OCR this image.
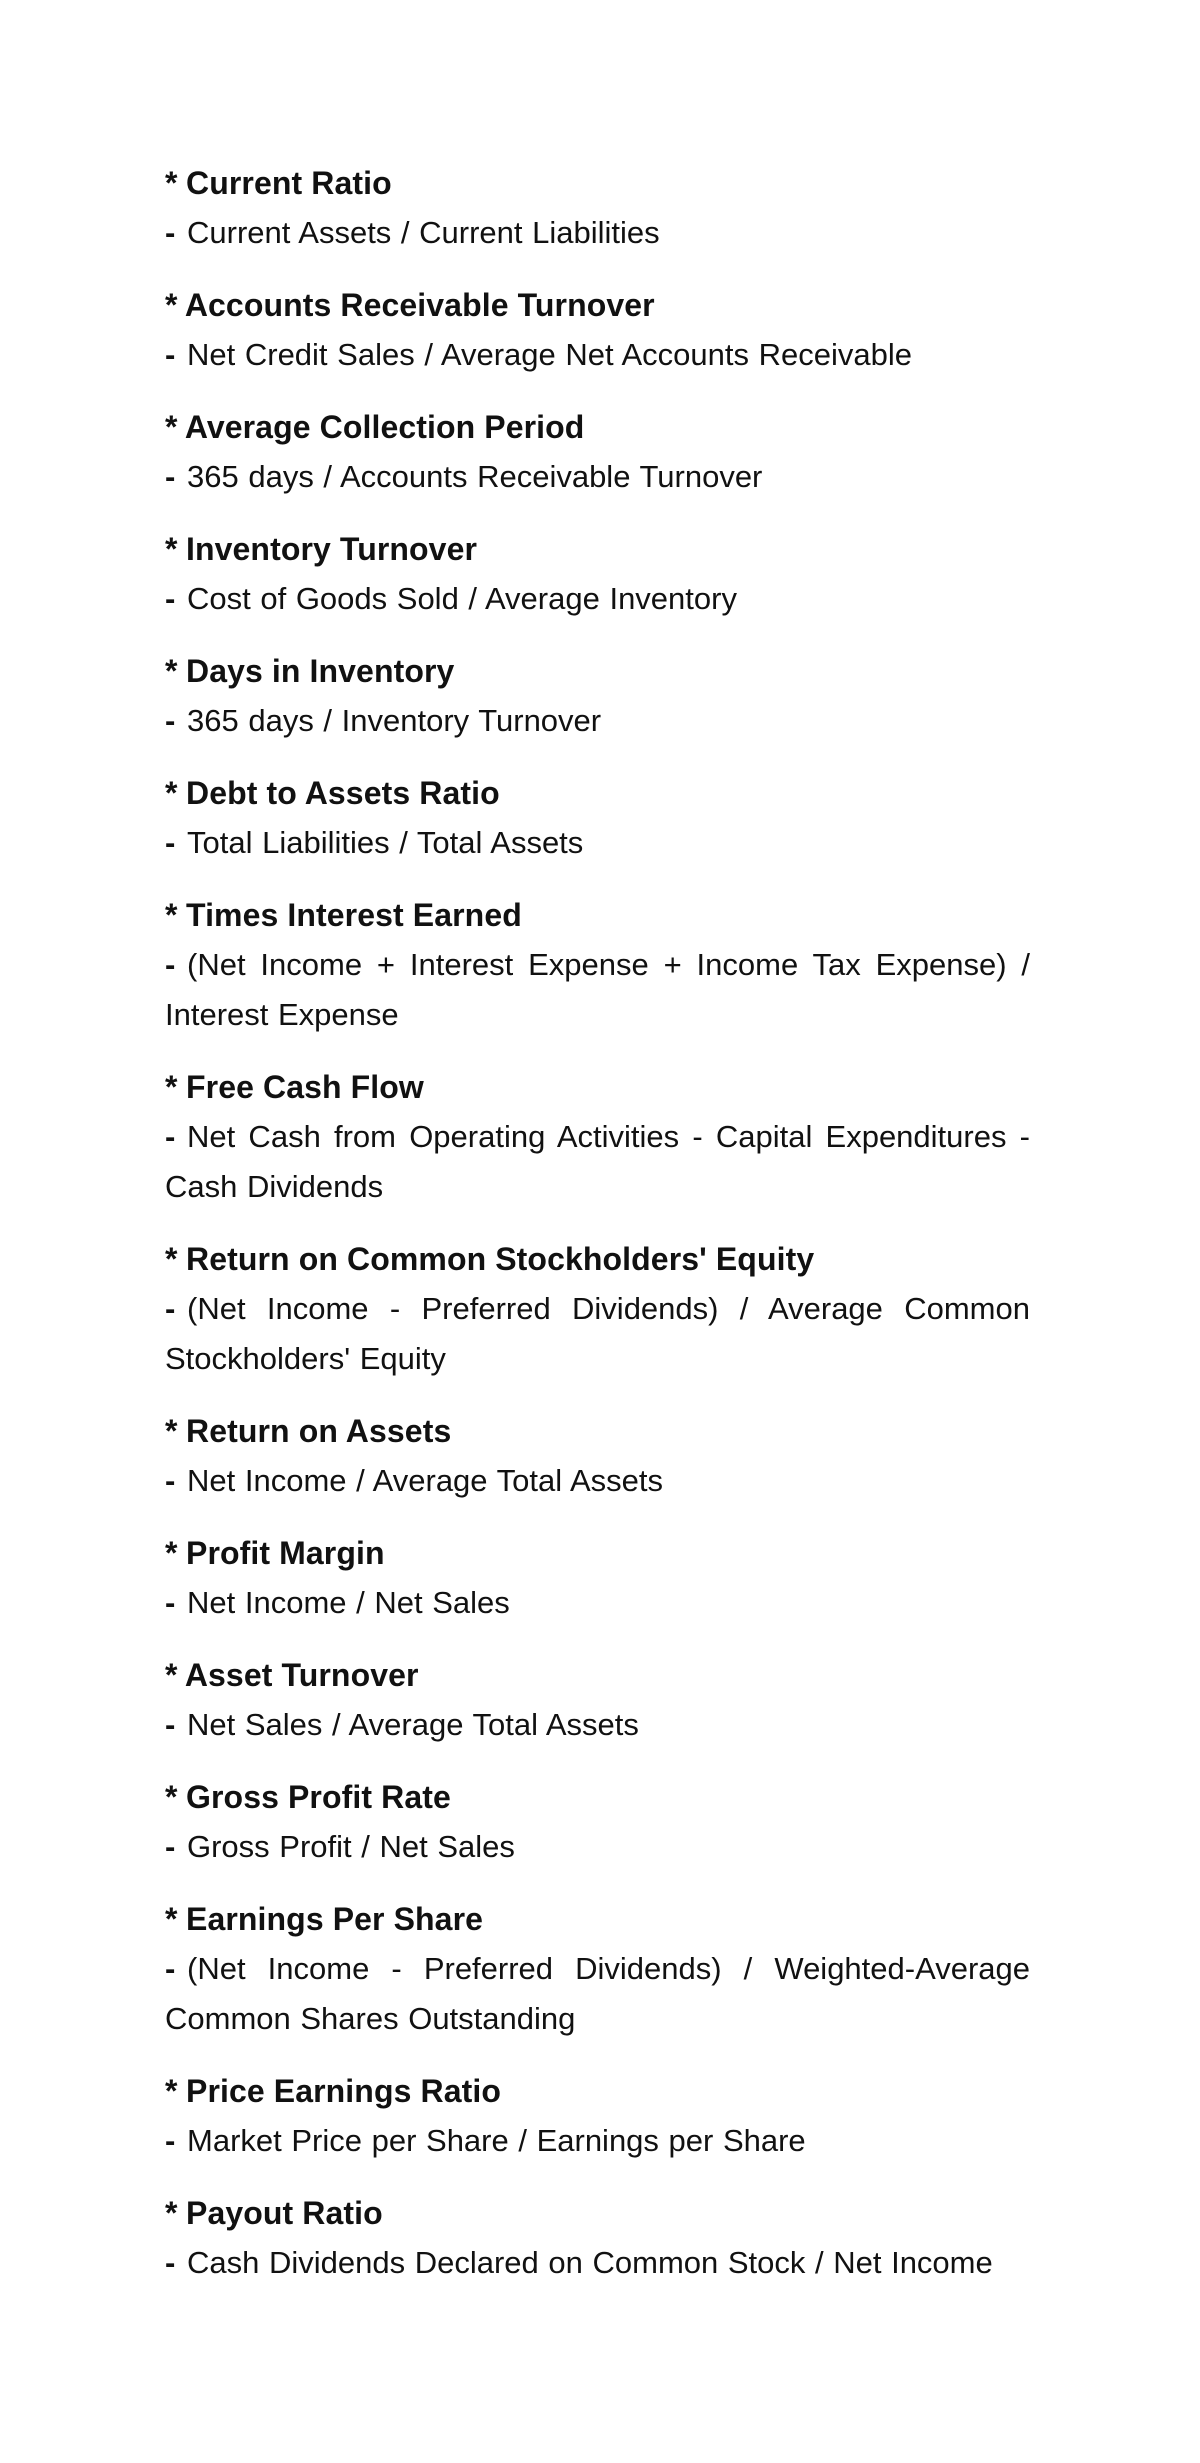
* Current Ratio

- Current Assets / Current Liabilities

* Accounts Receivable Turnover

- Net Credit Sales / Average Net Accounts Receivable

* Average Collection Period

- 365 days / Accounts Receivable Turnover

* Inventory Turnover

- Cost of Goods Sold / Average Inventory

* Days in Inventory

- 365 days / Inventory Turnover

* Debt to Assets Ratio

- Total Liabilities / Total Assets

* Times Interest Earned

- (Net Income + Interest Expense + Income Tax Expense) / Interest Expense

* Free Cash Flow

- Net Cash from Operating Activities - Capital Expenditures - Cash Dividends

* Return on Common Stockholders' Equity

- (Net Income - Preferred Dividends) / Average Common Stockholders' Equity

* Return on Assets

- Net Income / Average Total Assets

* Profit Margin

- Net Income / Net Sales

* Asset Turnover

- Net Sales / Average Total Assets

* Gross Profit Rate

- Gross Profit / Net Sales

* Earnings Per Share

- (Net Income - Preferred Dividends) / Weighted-Average Common Shares Outstanding

* Price Earnings Ratio

- Market Price per Share / Earnings per Share

* Payout Ratio

- Cash Dividends Declared on Common Stock / Net Income
